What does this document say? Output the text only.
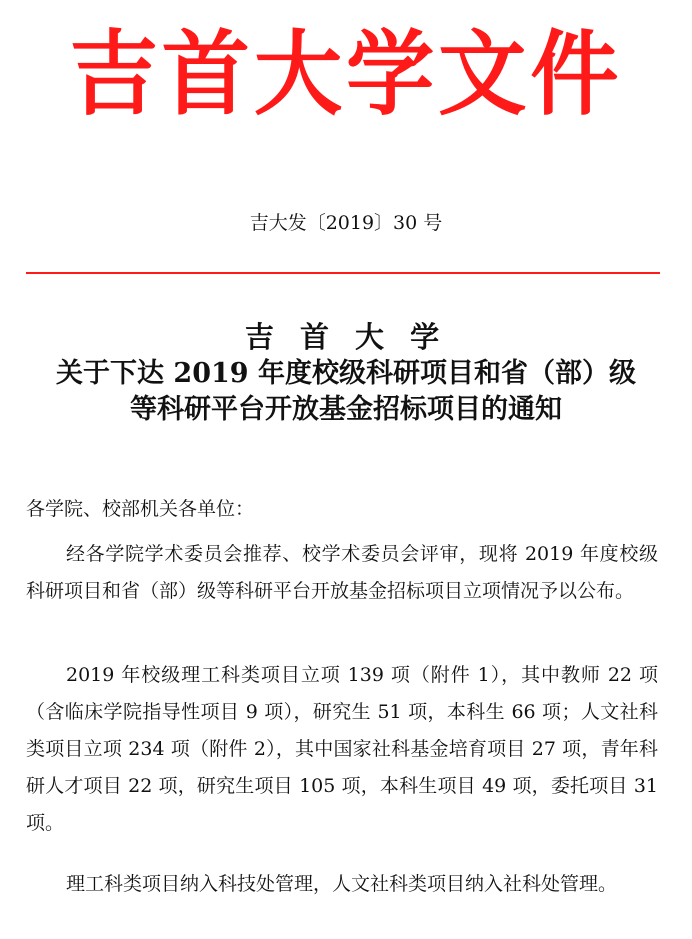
吉首大学文件
吉大发〔2019〕30 号
吉 首 大 学
关于下达 2019 年度校级科研项目和省（部）级
等科研平台开放基金招标项目的通知
各学院、校部机关各单位：
经各学院学术委员会推荐、校学术委员会评审，现将 2019 年度校级科研项目和省（部）级等科研平台开放基金招标项目立项情况予以公布。
2019 年校级理工科类项目立项 139 项（附件 1），其中教师 22 项（含临床学院指导性项目 9 项），研究生 51 项，本科生 66 项；人文社科类项目立项 234 项（附件 2），其中国家社科基金培育项目 27 项，青年科研人才项目 22 项，研究生项目 105 项，本科生项目 49 项，委托项目 31 项。
理工科类项目纳入科技处管理，人文社科类项目纳入社科处管理。
